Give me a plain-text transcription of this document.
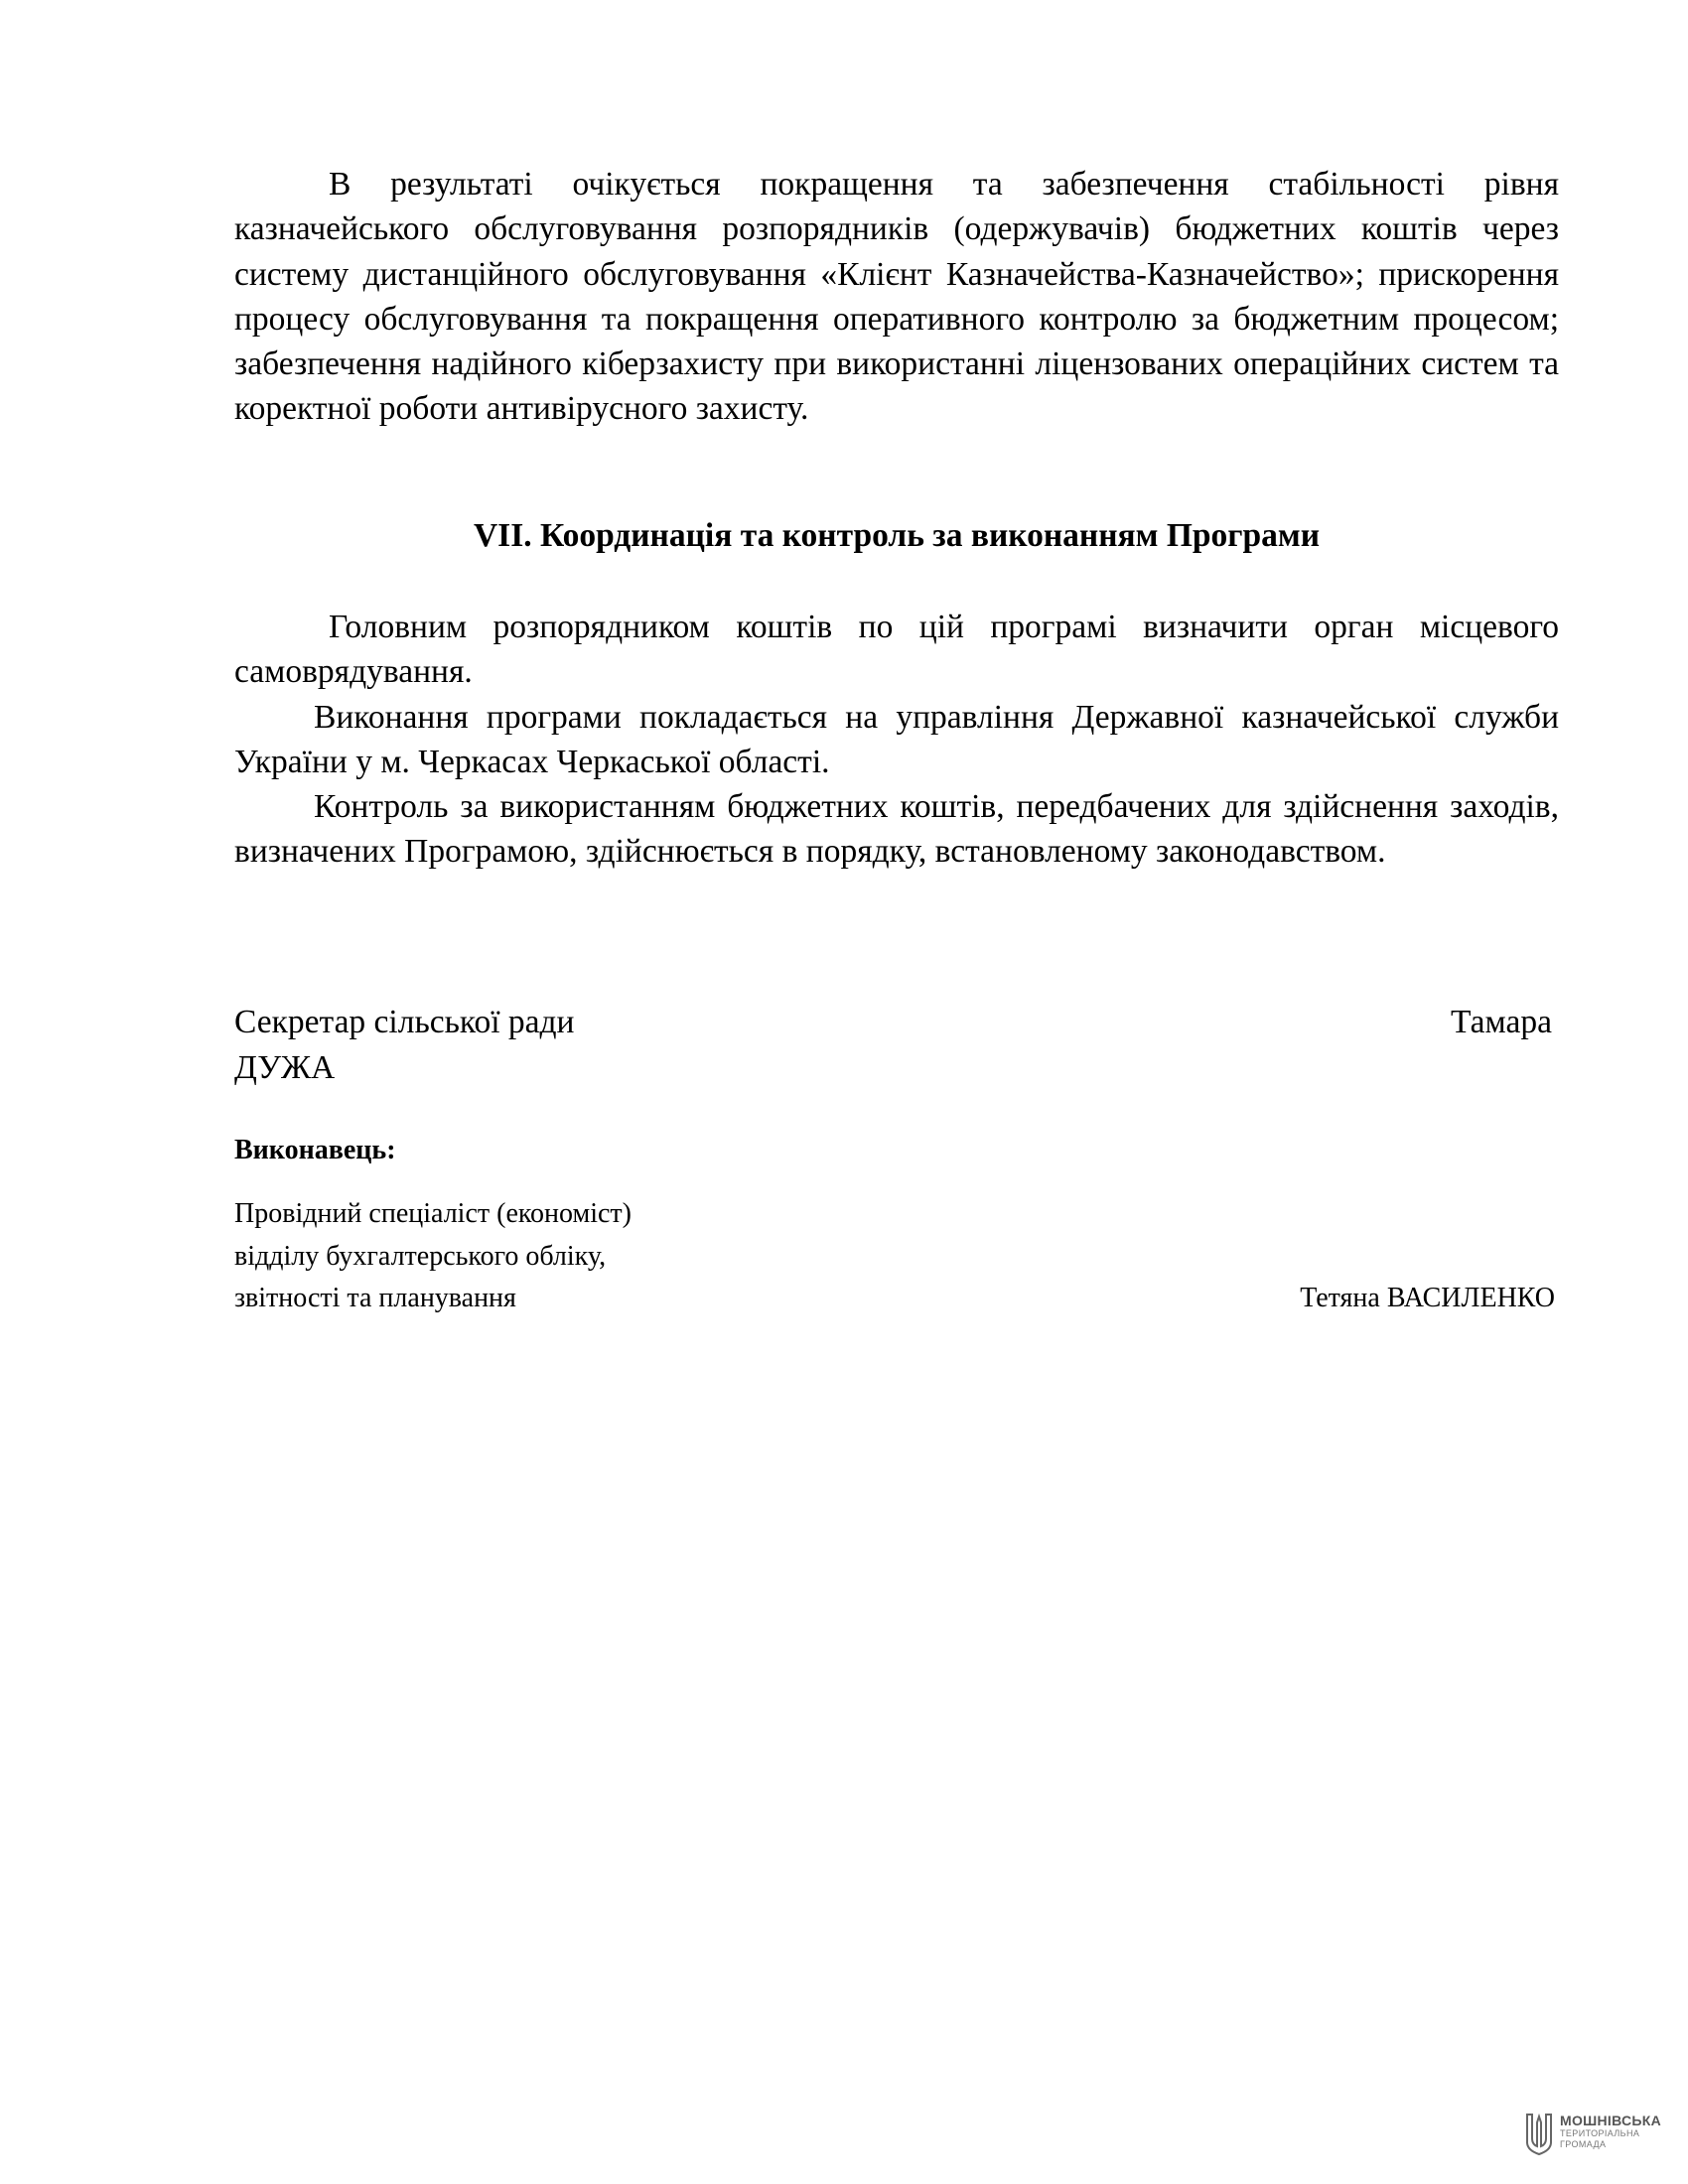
В результаті очікується покращення та забезпечення стабільності рівня казначейського обслуговування розпорядників (одержувачів) бюджетних коштів через систему дистанційного обслуговування «Клієнт Казначейства-Казначейство»; прискорення процесу обслуговування та покращення оперативного контролю за бюджетним процесом; забезпечення надійного кіберзахисту при використанні ліцензованих операційних систем та коректної роботи антивірусного захисту.

VII. Координація та контроль за виконанням Програми

Головним розпорядником коштів по цій програмі визначити орган місцевого самоврядування.

Виконання програми покладається на управління Державної казначейської служби України у м. Черкасах Черкаської області.

Контроль за використанням бюджетних коштів, передбачених для здійснення заходів, визначених Програмою, здійснюється в порядку, встановленому законодавством.

Секретар сільської ради	Тамара
ДУЖА
Виконавець:
Провідний спеціаліст (економіст)
відділу бухгалтерського обліку,
звітності та планування	Тетяна ВАСИЛЕНКО
МОШНІВСЬКА
ТЕРИТОРІАЛЬНА
ГРОМАДА
